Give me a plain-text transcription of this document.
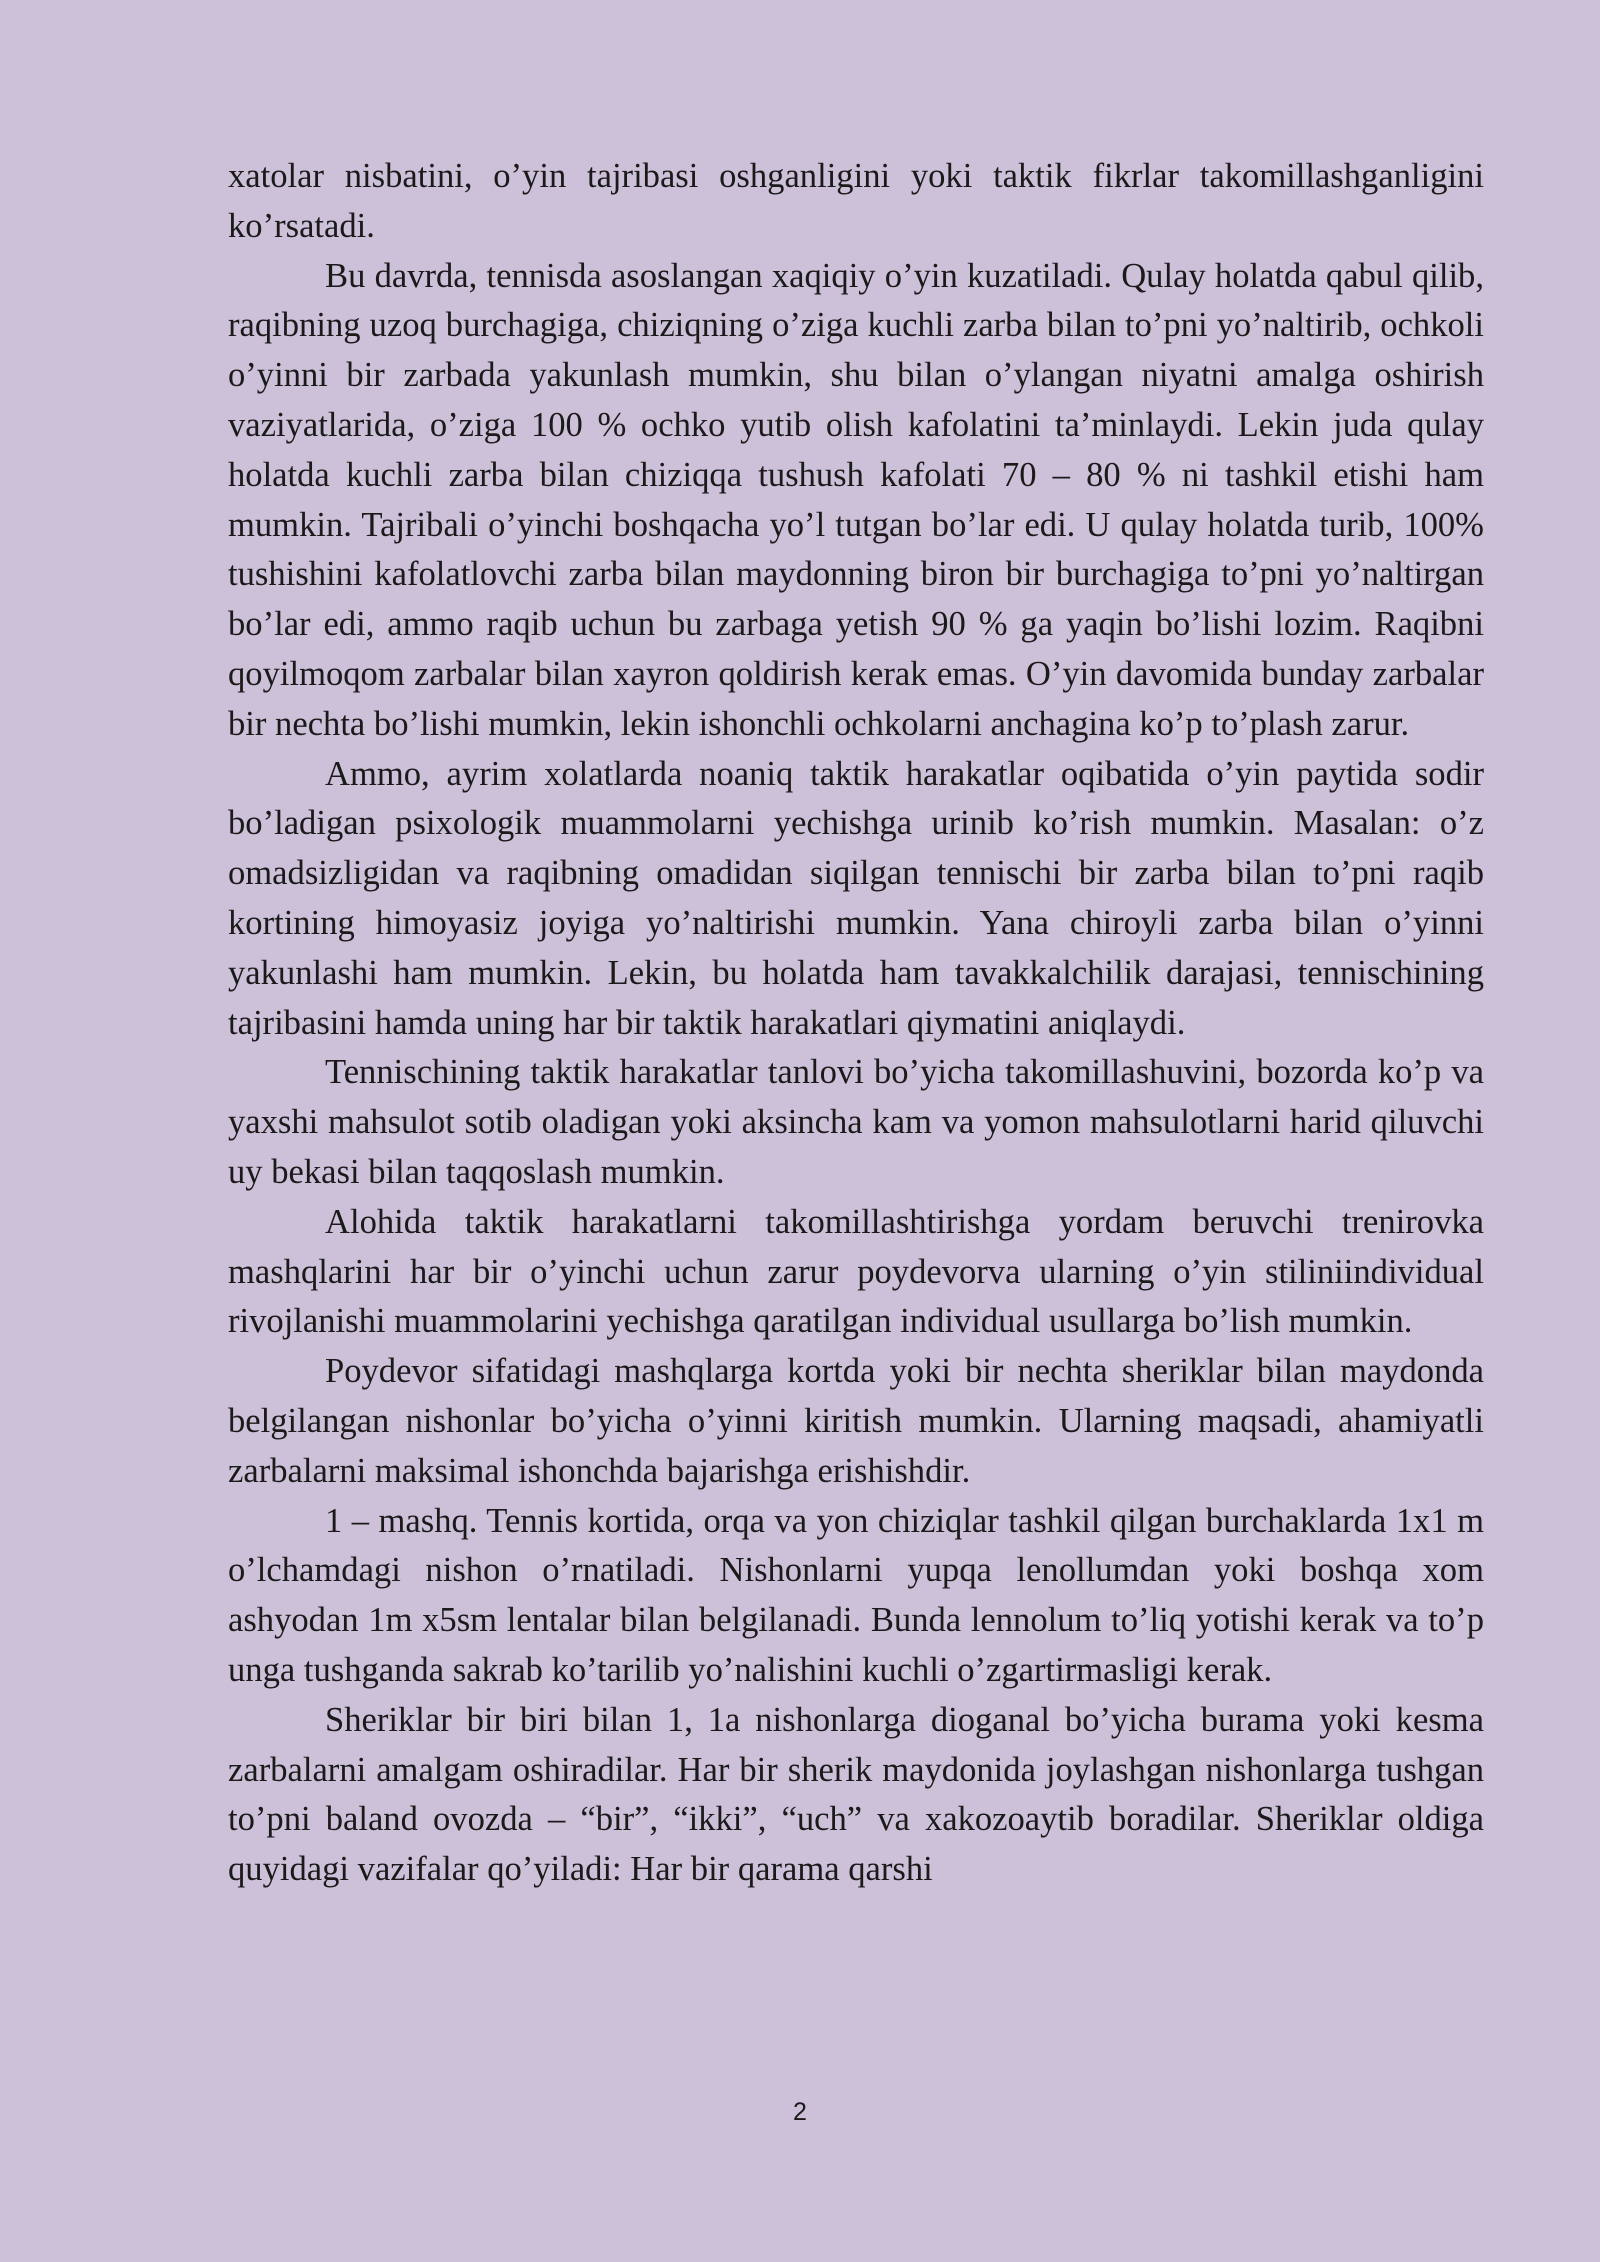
xatolar nisbatini, o’yin tajribasi oshganligini yoki taktik fikrlar takomillashganligini ko’rsatadi.

Bu davrda, tennisda asoslangan xaqiqiy o’yin kuzatiladi. Qulay holatda qabul qilib, raqibning uzoq burchagiga, chiziqning o’ziga kuchli zarba bilan to’pni yo’naltirib, ochkoli o’yinni bir zarbada yakunlash mumkin, shu bilan o’ylangan niyatni amalga oshirish vaziyatlarida, o’ziga 100 % ochko yutib olish kafolatini ta’minlaydi. Lekin juda qulay holatda kuchli zarba bilan chiziqqa tushush kafolati 70 – 80 % ni tashkil etishi ham mumkin. Tajribali o’yinchi boshqacha yo’l tutgan bo’lar edi. U qulay holatda turib, 100% tushishini kafolatlovchi zarba bilan maydonning biron bir burchagiga to’pni yo’naltirgan bo’lar edi, ammo raqib uchun bu zarbaga yetish 90 % ga yaqin bo’lishi lozim. Raqibni qoyilmoqom zarbalar bilan xayron qoldirish kerak emas. O’yin davomida bunday zarbalar bir nechta bo’lishi mumkin, lekin ishonchli ochkolarni anchagina ko’p to’plash zarur.

Ammo, ayrim xolatlarda noaniq taktik harakatlar oqibatida o’yin paytida sodir bo’ladigan psixologik muammolarni yechishga urinib ko’rish mumkin. Masalan: o’z omadsizligidan va raqibning omadidan siqilgan tennischi bir zarba bilan to’pni raqib kortining himoyasiz joyiga yo’naltirishi mumkin. Yana chiroyli zarba bilan o’yinni yakunlashi ham mumkin. Lekin, bu holatda ham tavakkalchilik darajasi, tennischining tajribasini hamda uning har bir taktik harakatlari qiymatini aniqlaydi.

Tennischining taktik harakatlar tanlovi bo’yicha takomillashuvini, bozorda ko’p va yaxshi mahsulot sotib oladigan yoki aksincha kam va yomon mahsulotlarni harid qiluvchi uy bekasi bilan taqqoslash mumkin.

Alohida taktik harakatlarni takomillashtirishga yordam beruvchi trenirovka mashqlarini har bir o’yinchi uchun zarur poydevorva ularning o’yin stiliniindividual rivojlanishi muammolarini yechishga qaratilgan individual usullarga bo’lish mumkin.

Poydevor sifatidagi mashqlarga kortda yoki bir nechta sheriklar bilan maydonda belgilangan nishonlar bo’yicha o’yinni kiritish mumkin. Ularning maqsadi, ahamiyatli zarbalarni maksimal ishonchda bajarishga erishishdir.

1 – mashq. Tennis kortida, orqa va yon chiziqlar tashkil qilgan burchaklarda 1x1 m o’lchamdagi nishon o’rnatiladi. Nishonlarni yupqa lenollumdan yoki boshqa xom ashyodan 1m x5sm lentalar bilan belgilanadi. Bunda lennolum to’liq yotishi kerak va to’p unga tushganda sakrab ko’tarilib yo’nalishini kuchli o’zgartirmasligi kerak.

Sheriklar bir biri bilan 1, 1a nishonlarga dioganal bo’yicha burama yoki kesma zarbalarni amalgam oshiradilar. Har bir sherik maydonida joylashgan nishonlarga tushgan to’pni baland ovozda – “bir”, “ikki”, “uch” va xakozoaytib boradilar. Sheriklar oldiga quyidagi vazifalar qo’yiladi: Har bir qarama qarshi

2
